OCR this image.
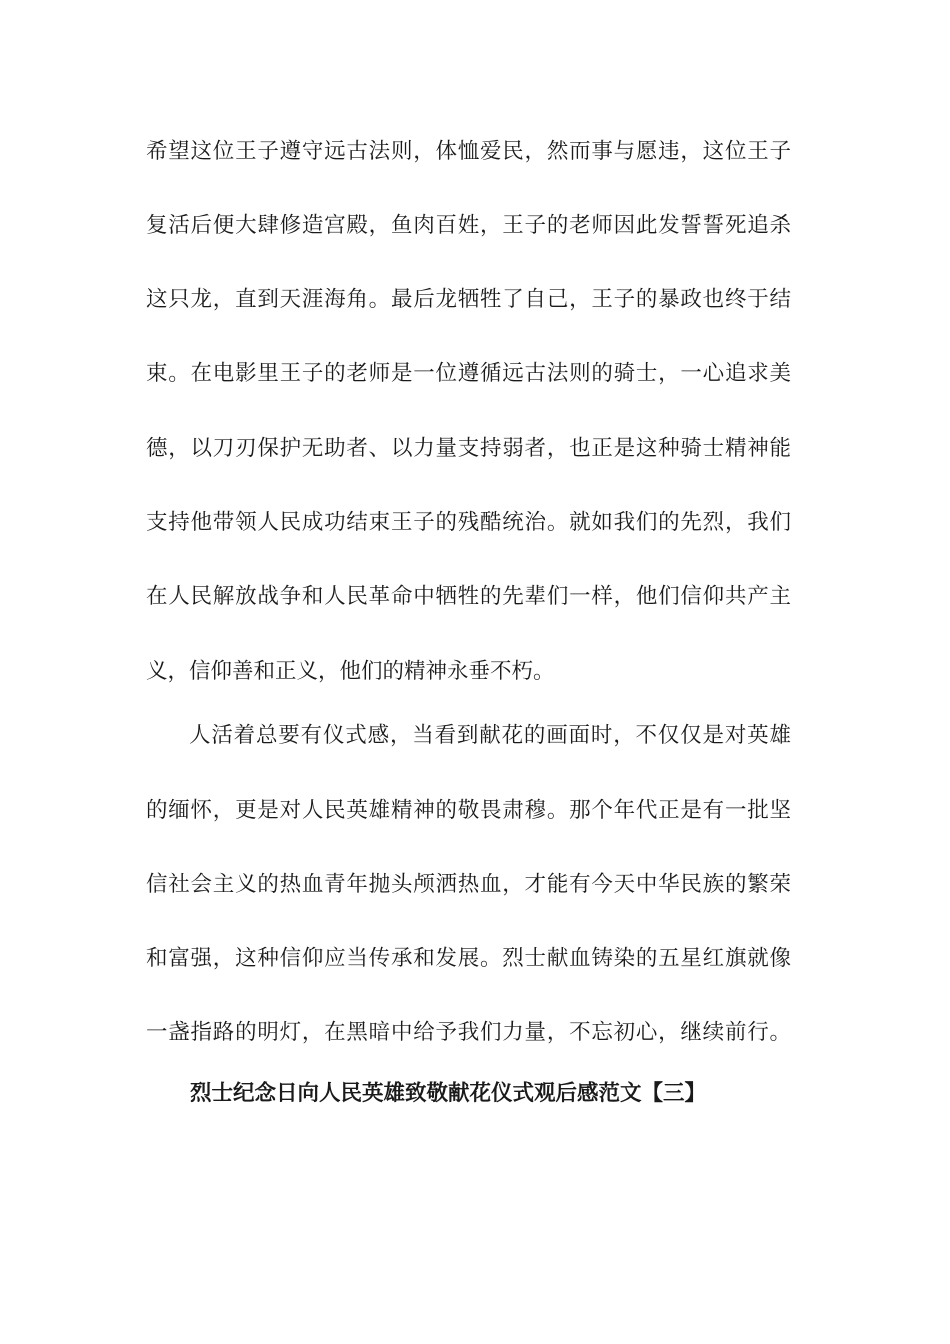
希望这位王子遵守远古法则，体恤爱民，然而事与愿违，这位王子
复活后便大肆修造宫殿，鱼肉百姓，王子的老师因此发誓誓死追杀
这只龙，直到天涯海角。最后龙牺牲了自己，王子的暴政也终于结
束。在电影里王子的老师是一位遵循远古法则的骑士，一心追求美
德，以刀刃保护无助者、以力量支持弱者，也正是这种骑士精神能
支持他带领人民成功结束王子的残酷统治。就如我们的先烈，我们
在人民解放战争和人民革命中牺牲的先辈们一样，他们信仰共产主
义，信仰善和正义，他们的精神永垂不朽。
人活着总要有仪式感，当看到献花的画面时，不仅仅是对英雄
的缅怀，更是对人民英雄精神的敬畏肃穆。那个年代正是有一批坚
信社会主义的热血青年抛头颅洒热血，才能有今天中华民族的繁荣
和富强，这种信仰应当传承和发展。烈士献血铸染的五星红旗就像
一盏指路的明灯，在黑暗中给予我们力量，不忘初心，继续前行。
烈士纪念日向人民英雄致敬献花仪式观后感范文【三】
